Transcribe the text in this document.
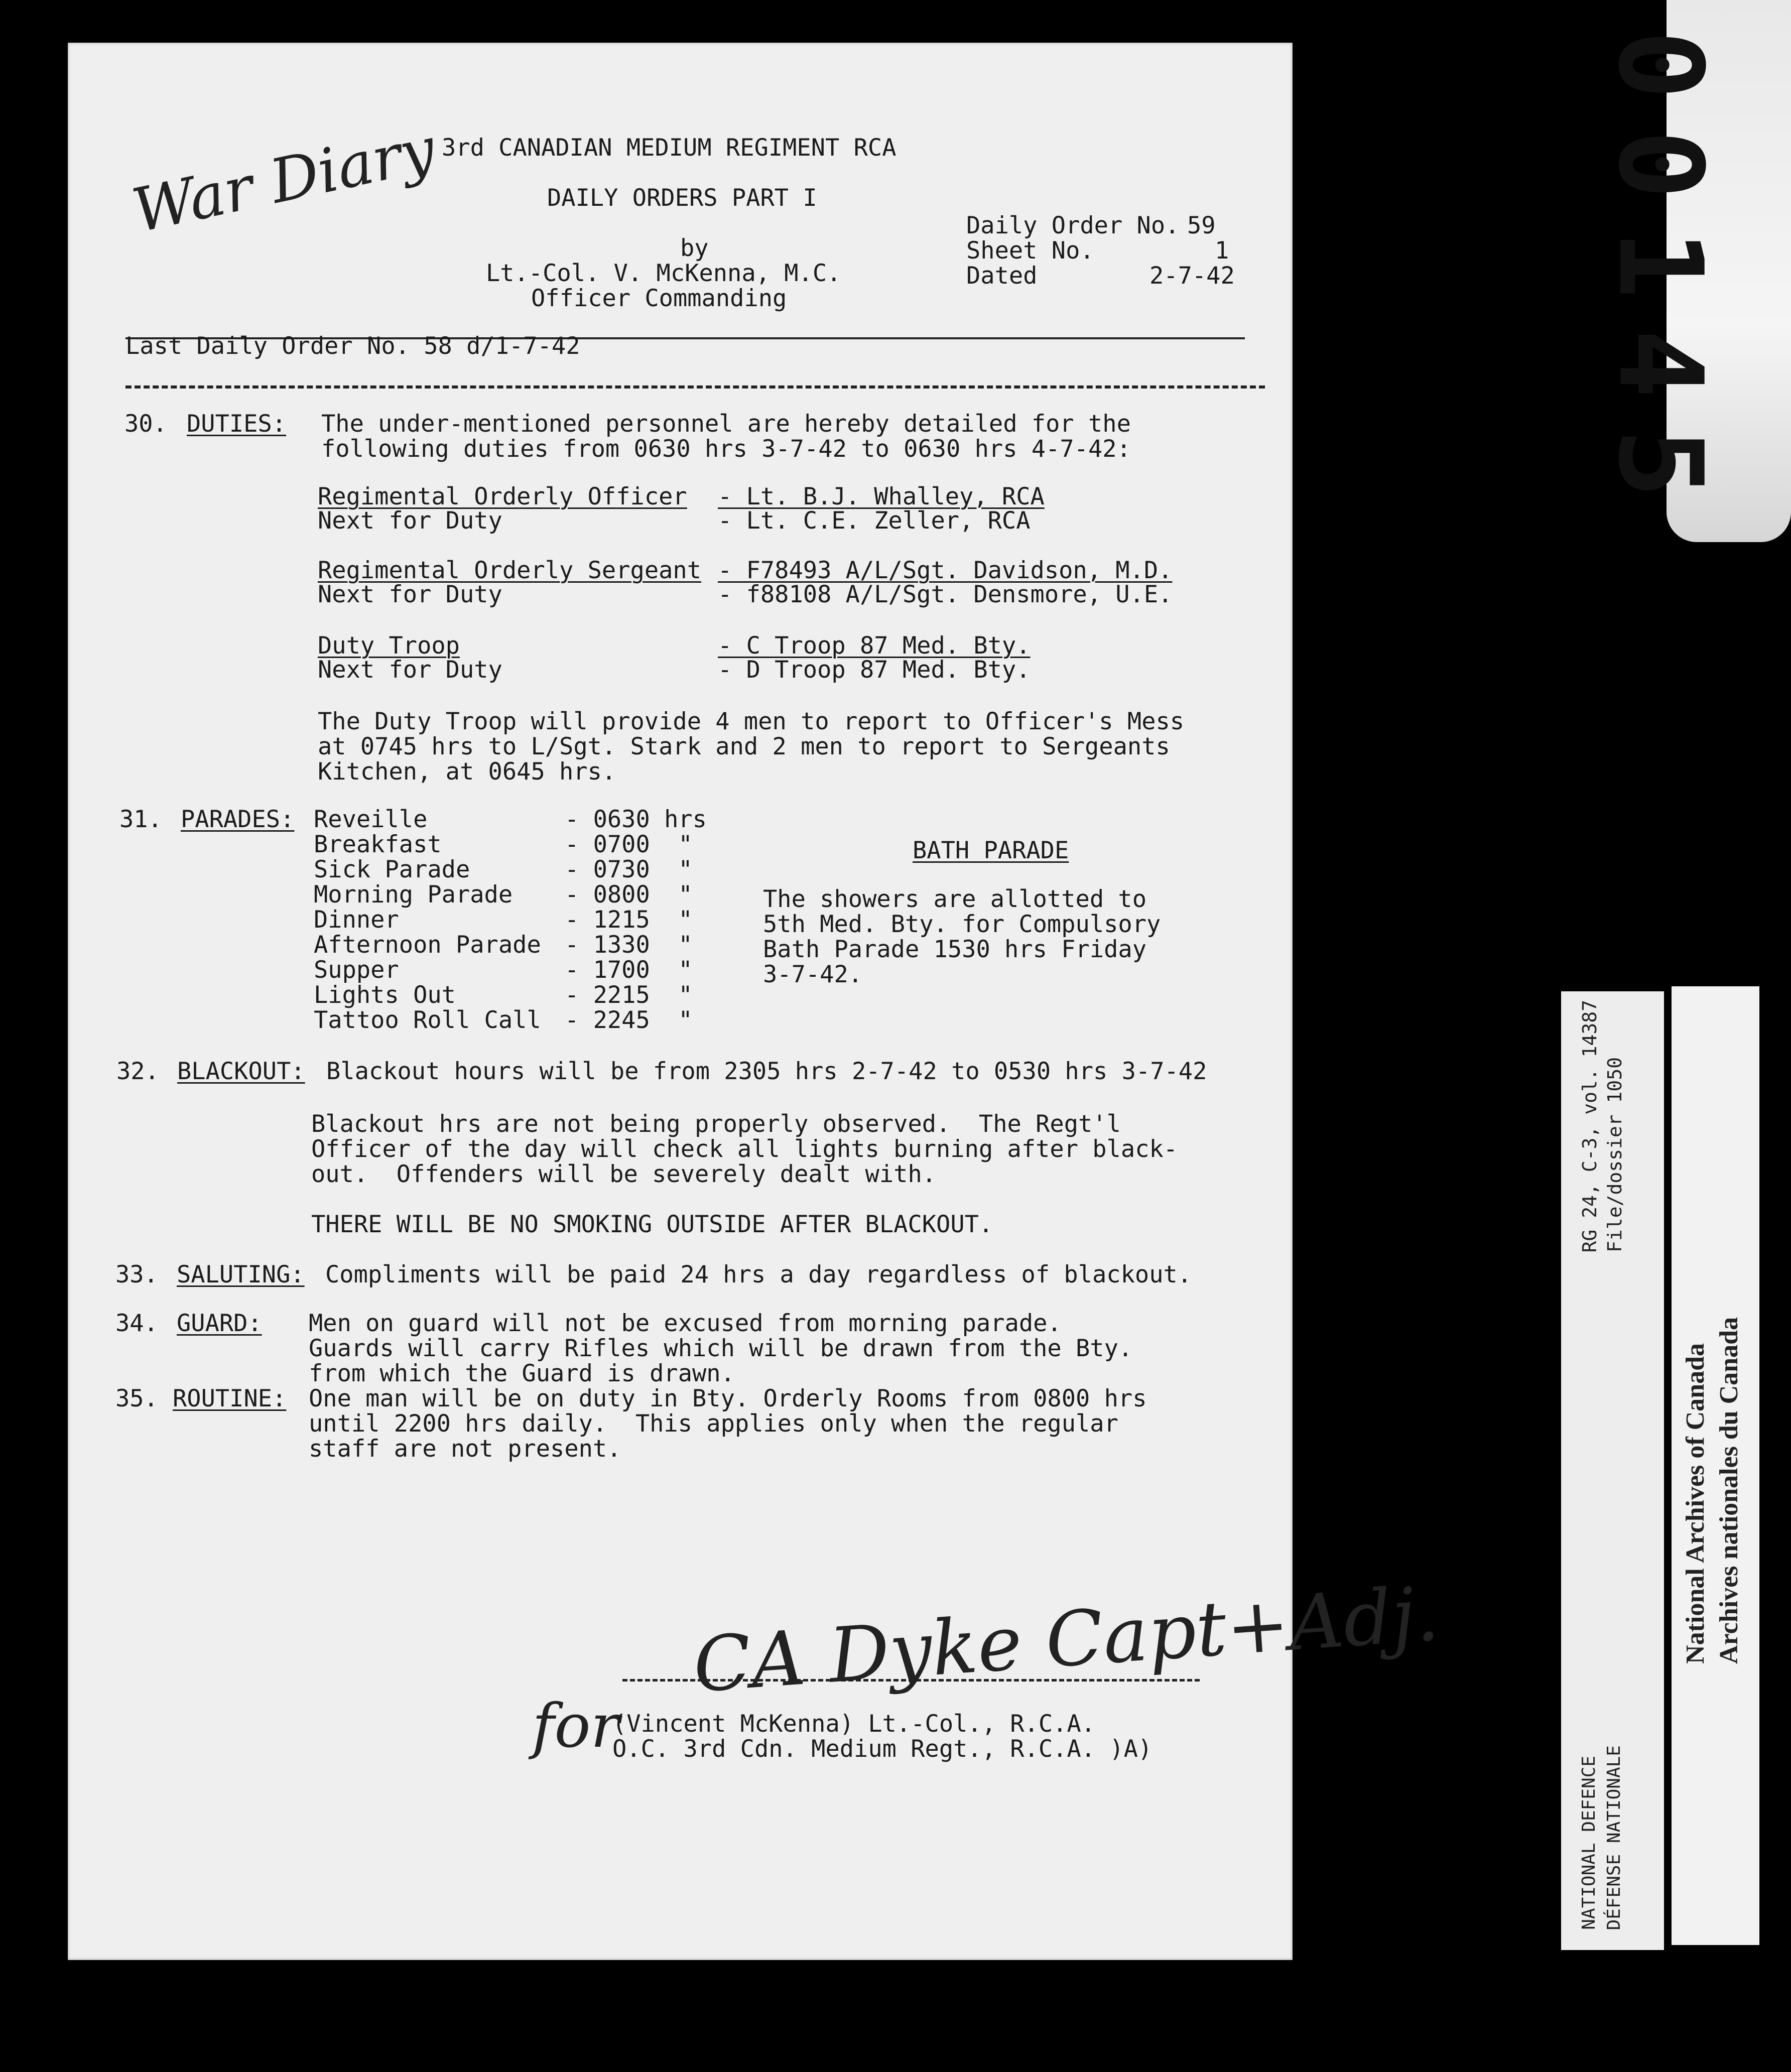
War Diary 3rd CANADIAN MEDIUM REGIMENT RCA
DAILY ORDERS PART I
by
Lt.-Col. V. McKenna, M.C.
Officer Commanding
Daily Order No. 59
Sheet No.	1
Dated	2-7-42
Last Daily Order No. 58 d/1-7-42
30. DUTIES: The under-mentioned personnel are hereby detailed for the
following duties from 0630 hrs 3-7-42 to 0630 hrs 4-7-42:
Regimental Orderly Officer - Lt. B.J. Whalley, RCA
Next for Duty	- Lt. C.E. Zeller, RCA
Regimental Orderly Sergeant - F78493 A/L/Sgt. Davidson, M.D.
Next for Duty	- f88108 A/L/Sgt. Densmore, U.E.
Duty Troop	- C Troop 87 Med. Bty.
Next for Duty	- D Troop 87 Med. Bty.
The Duty Troop will provide 4 men to report to Officer's Mess
at 0745 hrs to L/Sgt. Stark and 2 men to report to Sergeants
Kitchen, at 0645 hrs.
31. PARADES: Reveille	- 0630 hrs
Breakfast	- 0700  "
Sick Parade	- 0730  "
Morning Parade - 0800  "
Dinner	- 1215  "
Afternoon Parade - 1330  "
Supper	- 1700  "
Lights Out	- 2215  "
Tattoo Roll Call - 2245  "
BATH PARADE
The showers are allotted to
5th Med. Bty. for Compulsory
Bath Parade 1530 hrs Friday
3-7-42.
32. BLACKOUT: Blackout hours will be from 2305 hrs 2-7-42 to 0530 hrs 3-7-42
Blackout hrs are not being properly observed.  The Regt'l
Officer of the day will check all lights burning after black-
out.  Offenders will be severely dealt with.
THERE WILL BE NO SMOKING OUTSIDE AFTER BLACKOUT.
33. SALUTING: Compliments will be paid 24 hrs a day regardless of blackout.
34. GUARD: Men on guard will not be excused from morning parade.
Guards will carry Rifles which will be drawn from the Bty.
from which the Guard is drawn.
35. ROUTINE: One man will be on duty in Bty. Orderly Rooms from 0800 hrs
until 2200 hrs daily.  This applies only when the regular
staff are not present.
CA Dyke Capt+Adj.
for
(Vincent McKenna) Lt.-Col., R.C.A.
O.C. 3rd Cdn. Medium Regt., R.C.A. )A)
00145
RG 24, C-3, vol. 14387 File/dossier 1050
NATIONAL DEFENCE DÉFENSE NATIONALE
National Archives of Canada Archives nationales du Canada
